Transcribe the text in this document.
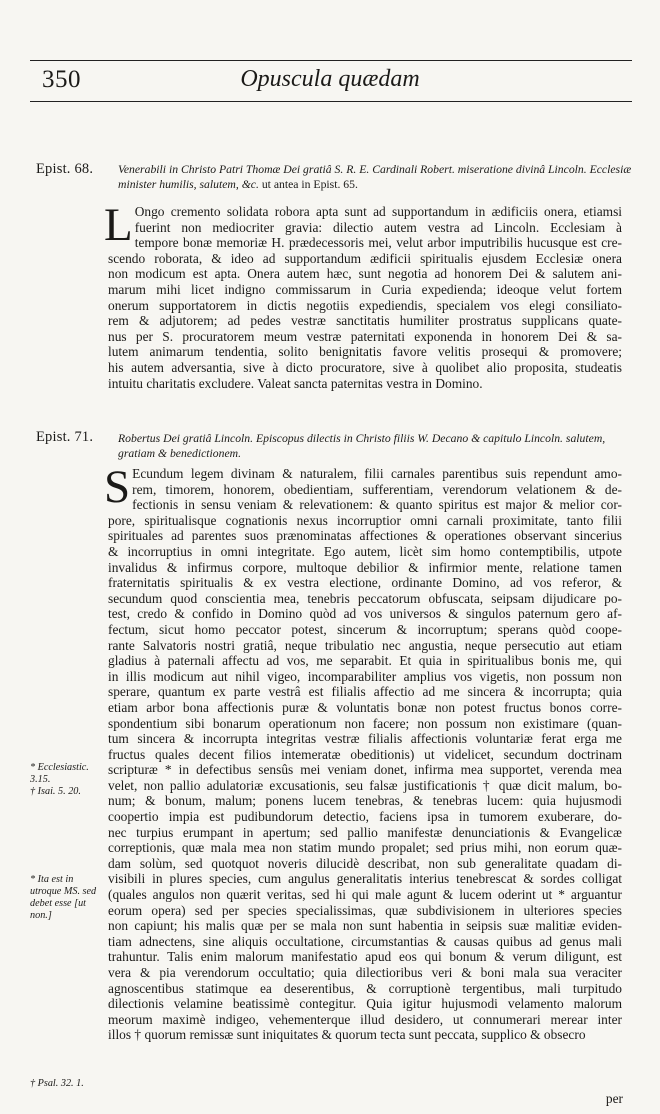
350	Opuscula quædam
Epist. 68. Venerabili in Christo Patri Thomæ Dei gratiâ S. R. E. Cardinali Robert. miseratione divinâ Lincoln. Ecclesiæ minister humilis, salutem, &c. ut antea in Epist. 65.
L Ongo cremento solidata robora apta sunt ad supportandum in ædificiis onera, etiamsi
fuerint non mediocriter gravia: dilectio autem vestra ad Lincoln. Ecclesiam à
tempore bonæ memoriæ H. prædecessoris mei, velut arbor imputribilis hucusque est cre-
scendo roborata, & ideo ad supportandum ædificii spiritualis ejusdem Ecclesiæ onera
non modicum est apta. Onera autem hæc, sunt negotia ad honorem Dei & salutem ani-
marum mihi licet indigno commissarum in Curia expedienda; ideoque velut fortem
onerum supportatorem in dictis negotiis expediendis, specialem vos elegi consiliato-
rem & adjutorem; ad pedes vestræ sanctitatis humiliter prostratus supplicans quate-
nus per S. procuratorem meum vestræ paternitati exponenda in honorem Dei & sa-
lutem animarum tendentia, solito benignitatis favore velitis prosequi & promovere;
his autem adversantia, sive à dicto procuratore, sive à quolibet alio proposita, studeatis
intuitu charitatis excludere. Valeat sancta paternitas vestra in Domino.
Epist. 71. Robertus Dei gratiâ Lincoln. Episcopus dilectis in Christo filiis W. Decano & capitulo Lincoln. salutem, gratiam & benedictionem.
S Ecundum legem divinam & naturalem, filii carnales parentibus suis rependunt amo-
rem, timorem, honorem, obedientiam, sufferentiam, verendorum velationem & de-
fectionis in sensu veniam & relevationem: & quanto spiritus est major & melior cor-
pore, spiritualisque cognationis nexus incorruptior omni carnali proximitate, tanto filii
spirituales ad parentes suos prænominatas affectiones & operationes observant sincerius
& incorruptius in omni integritate. Ego autem, licèt sim homo contemptibilis, utpote
invalidus & infirmus corpore, multoque debilior & infirmior mente, relatione tamen
fraternitatis spiritualis & ex vestra electione, ordinante Domino, ad vos referor, &
secundum quod conscientia mea, tenebris peccatorum obfuscata, seipsam dijudicare po-
test, credo & confido in Domino quòd ad vos universos & singulos paternum gero af-
fectum, sicut homo peccator potest, sincerum & incorruptum; sperans quòd coope-
rante Salvatoris nostri gratiâ, neque tribulatio nec angustia, neque persecutio aut etiam
gladius à paternali affectu ad vos, me separabit. Et quia in spiritualibus bonis me, qui
in illis modicum aut nihil vigeo, incomparabiliter amplius vos vigetis, non possum non
sperare, quantum ex parte vestrâ est filialis affectio ad me sincera & incorrupta; quia
etiam arbor bona affectionis puræ & voluntatis bonæ non potest fructus bonos corre-
spondentium sibi bonarum operationum non facere; non possum non existimare (quan-
tum sincera & incorrupta integritas vestræ filialis affectionis voluntariæ ferat erga me
fructus quales decent filios intemeratæ obeditionis) ut videlicet, secundum doctrinam
scripturæ * in defectibus sensûs mei veniam donet, infirma mea supportet, verenda mea
velet, non pallio adulatoriæ excusationis, seu falsæ justificationis † quæ dicit malum, bo-
num; & bonum, malum; ponens lucem tenebras, & tenebras lucem: quia hujusmodi
coopertio impia est pudibundorum detectio, faciens ipsa in tumorem exuberare, do-
nec turpius erumpant in apertum; sed pallio manifestæ denunciationis & Evangelicæ
correptionis, quæ mala mea non statim mundo propalet; sed prius mihi, non eorum quæ-
dam solùm, sed quotquot noveris dilucidè describat, non sub generalitate quadam di-
visibili in plures species, cum angulus generalitatis interius tenebrescat & sordes colligat
(quales angulos non quærit veritas, sed hi qui male agunt & lucem oderint ut * arguantur
eorum opera) sed per species specialissimas, quæ subdivisionem in ulteriores species
non capiunt; his malis quæ per se mala non sunt habentia in seipsis suæ malitiæ eviden-
tiam adnectens, sine aliquis occultatione, circumstantias & causas quibus ad genus mali
trahuntur. Talis enim malorum manifestatio apud eos qui bonum & verum diligunt, est
vera & pia verendorum occultatio; quia dilectioribus veri & boni mala sua veraciter
agnoscentibus statimque ea deserentibus, & corruptionè tergentibus, mali turpitudo
dilectionis velamine beatissimè contegitur. Quia igitur hujusmodi velamento malorum
meorum maximè indigeo, vehementerque illud desidero, ut connumerari merear inter
illos † quorum remissæ sunt iniquitates & quorum tecta sunt peccata, supplico & obsecro
* Ecclesiastic. 3.15.
† Isai. 5. 20.
* Ita est in utroque MS. sed debet esse [ut non.]
† Psal. 32. 1.
per
